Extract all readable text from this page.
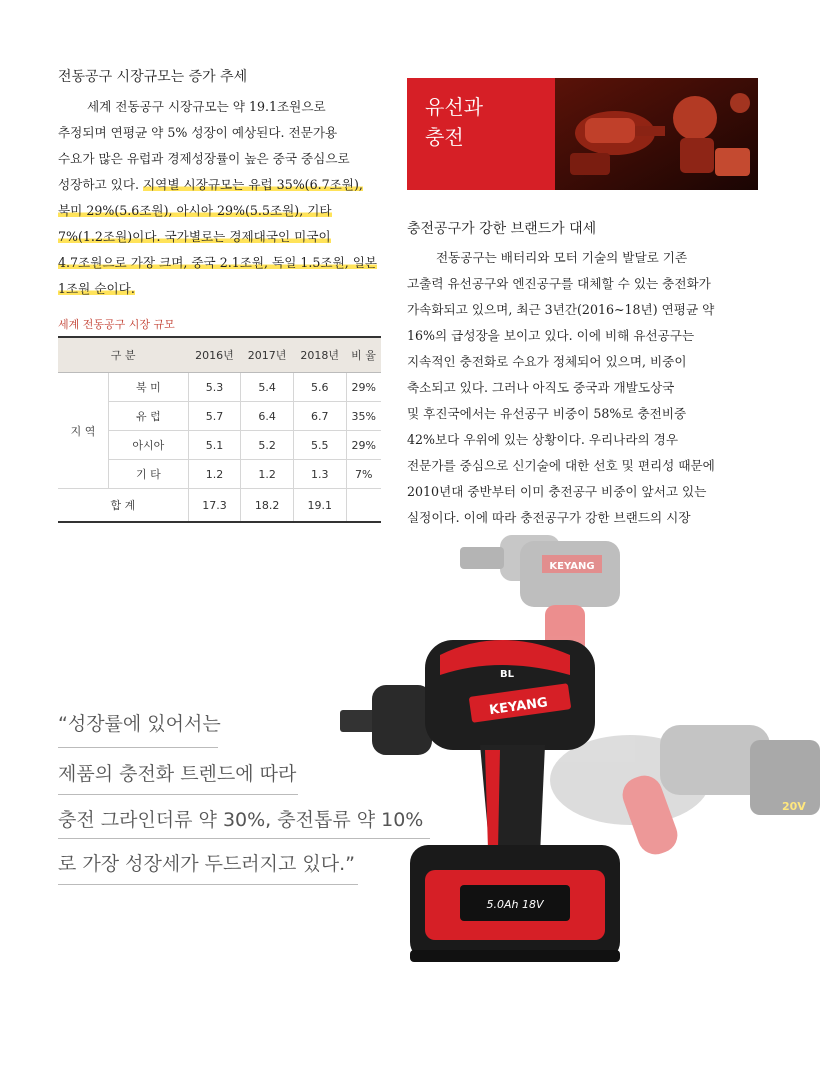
전동공구 시장규모는 증가 추세

세계 전동공구 시장규모는 약 19.1조원으로

추정되며 연평균 약 5% 성장이 예상된다. 전문가용

수요가 많은 유럽과 경제성장률이 높은 중국 중심으로

성장하고 있다. 지역별 시장규모는 유럽 35%(6.7조원),

북미 29%(5.6조원), 아시아 29%(5.5조원), 기타

7%(1.2조원)이다. 국가별로는 경제대국인 미국이

4.7조원으로 가장 크며, 중국 2.1조원, 독일 1.5조원, 일본

1조원 순이다.

세계 전동공구 시장 규모
구 분		2016년	2017년	2018년	비 율
지 역	북 미	5.3	5.4	5.6	29%
	유 럽	5.7	6.4	6.7	35%
	아시아	5.1	5.2	5.5	29%
	기 타	1.2	1.2	1.3	7%
합 계		17.3	18.2	19.1	
유선과
충전
충전공구가 강한 브랜드가 대세

전동공구는 배터리와 모터 기술의 발달로 기존

고출력 유선공구와 엔진공구를 대체할 수 있는 충전화가

가속화되고 있으며, 최근 3년간(2016~18년) 연평균 약

16%의 급성장을 보이고 있다. 이에 비해 유선공구는

지속적인 충전화로 수요가 정체되어 있으며, 비중이

축소되고 있다. 그러나 아직도 중국과 개발도상국

및 후진국에서는 유선공구 비중이 58%로 충전비중

42%보다 우위에 있는 상황이다. 우리나라의 경우

전문가를 중심으로 신기술에 대한 선호 및 편리성 때문에

2010년대 중반부터 이미 충전공구 비중이 앞서고 있는

실정이다. 이에 따라 충전공구가 강한 브랜드의 시장

KEYANG
20V
KEYANG
BL
5.0Ah 18V
“성장률에 있어서는
제품의 충전화 트렌드에 따라
충전 그라인더류 약 30%, 충전톱류 약 10%
로 가장 성장세가 두드러지고 있다.”
